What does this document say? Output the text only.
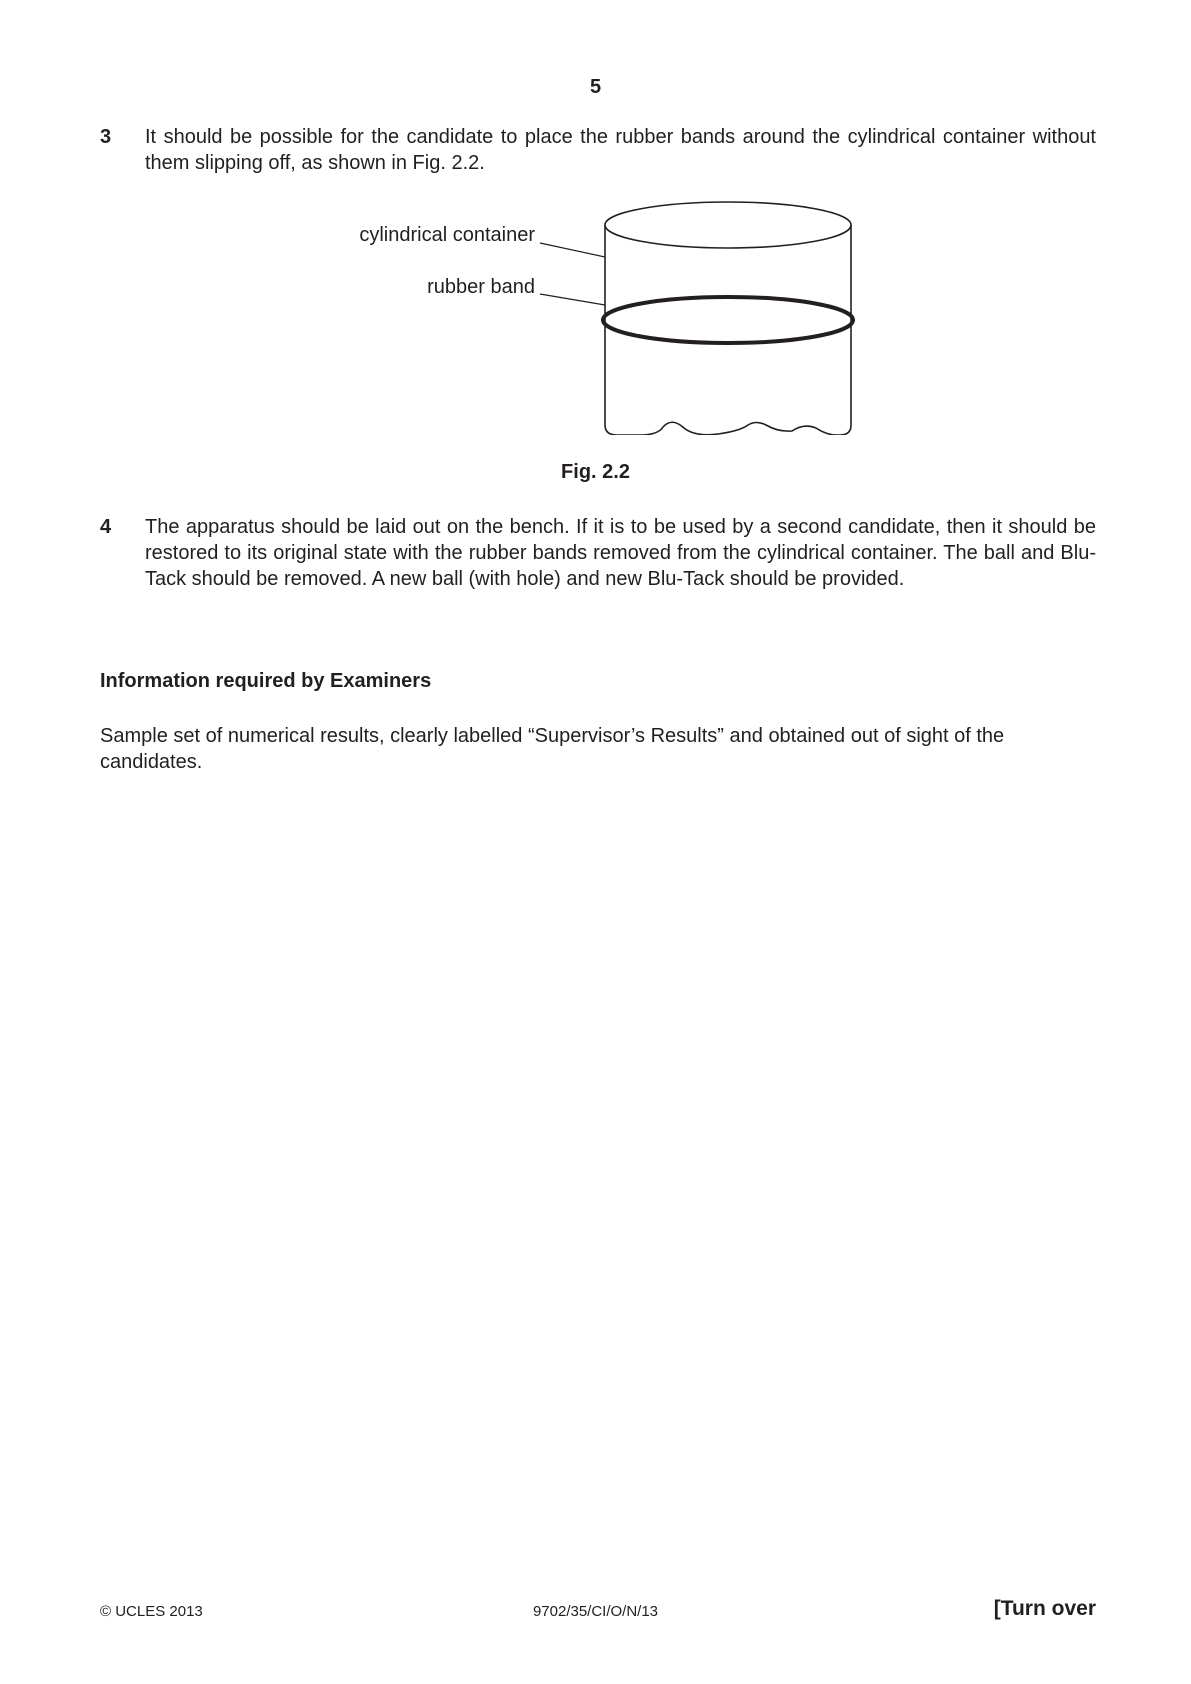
5
3 It should be possible for the candidate to place the rubber bands around the cylindrical container without them slipping off, as shown in Fig. 2.2.
cylindrical container
rubber band
Fig. 2.2
4 The apparatus should be laid out on the bench. If it is to be used by a second candidate, then it should be restored to its original state with the rubber bands removed from the cylindrical container. The ball and Blu-Tack should be removed. A new ball (with hole) and new Blu-Tack should be provided.
Information required by Examiners
Sample set of numerical results, clearly labelled “Supervisor’s Results” and obtained out of sight of the candidates.
© UCLES 2013	9702/35/CI/O/N/13	[Turn over
